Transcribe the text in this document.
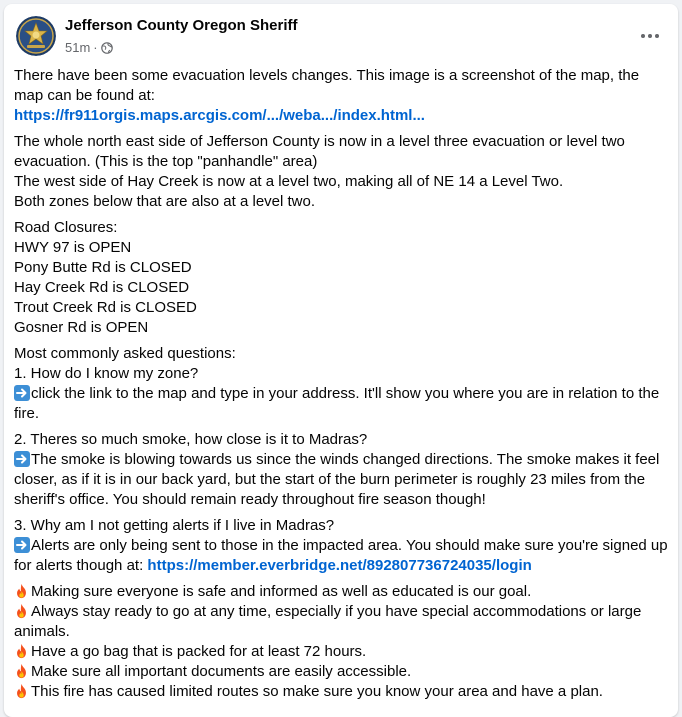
Jefferson County Oregon Sheriff
51m ·

There have been some evacuation levels changes. This image is a screenshot of the map, the map can be found at:
https://fr911orgis.maps.arcgis.com/.../weba.../index.html...

The whole north east side of Jefferson County is now in a level three evacuation or level two evacuation. (This is the top "panhandle" area)
The west side of Hay Creek is now at a level two, making all of NE 14 a Level Two.
Both zones below that are also at a level two.

Road Closures:
HWY 97 is OPEN
Pony Butte Rd is CLOSED
Hay Creek Rd is CLOSED
Trout Creek Rd is CLOSED
Gosner Rd is OPEN

Most commonly asked questions:
1. How do I know my zone?
click the link to the map and type in your address. It'll show you where you are in relation to the fire.

2. Theres so much smoke, how close is it to Madras?
The smoke is blowing towards us since the winds changed directions. The smoke makes it feel closer, as if it is in our back yard, but the start of the burn perimeter is roughly 23 miles from the sheriff's office. You should remain ready throughout fire season though!

3. Why am I not getting alerts if I live in Madras?
Alerts are only being sent to those in the impacted area. You should make sure you're signed up for alerts though at: https://member.everbridge.net/892807736724035/login

Making sure everyone is safe and informed as well as educated is our goal.
Always stay ready to go at any time, especially if you have special accommodations or large animals.
Have a go bag that is packed for at least 72 hours.
Make sure all important documents are easily accessible.
This fire has caused limited routes so make sure you know your area and have a plan.
